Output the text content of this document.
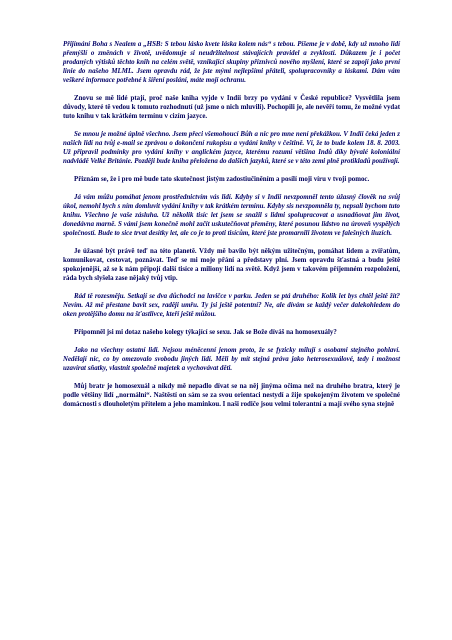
Přijímání Boha s Nealem a „HSB: S tebou lásko kvete láska kolem nás“ s tebou. Píšeme je v době, kdy už mnoho lidí přemýšlí o změnách v životě, uvědomuje si neudržitelnost stávajících pravidel a zvyklostí. Důkazem je i počet prodaných výtisků těchto knih na celém světě, vznikající skupiny příznivců nového myšlení, které se zapojí jako první linie do našeho MLML. Jsem opravdu rád, že jste mými nejlepšími přáteli, spolupracovníky a láskami. Dám vám veškeré informace potřebné k šíření poslání, máte mojí ochranu.

Znovu se mě lidé ptají, proč naše kniha vyjde v Indii brzy po vydání v České republice? Vysvětlila jsem důvody, které tě vedou k tomuto rozhodnutí (už jsme o nich mluvili). Pochopili je, ale nevěří tomu, že možné vydat tuto knihu v tak krátkém termínu v cizím jazyce.

Se mnou je možné úplně všechno. Jsem přeci všemohoucí Bůh a nic pro mne není překážkou. V Indii čeká jeden z našich lidí na tvůj e-mail se zprávou o dokončení rukopisu a vydání knihy v češtině. Ví, že to bude kolem 18. 8. 2003. Už připravil podmínky pro vydání knihy v anglickém jazyce, kterému rozumí většina Indů díky bývalé koloniální nadvládě Velké Británie. Později bude kniha přeložena do dalších jazyků, které se v této zemi plně protikladů používají.

Přiznám se, že i pro mě bude tato skutečnost jistým zadostiučiněním a posílí moji víru v tvoji pomoc.

Já vám můžu pomáhat jenom prostřednictvím vás lidí. Kdyby si v Indii nevzpomněl tento úžasný člověk na svůj úkol, nemohl bych s ním domluvit vydání knihy v tak krátkém termínu. Kdyby sis nevzpomněla ty, nepsali bychom tuto knihu. Všechno je vaše zásluha. Už několik tisíc let jsem se snažil s lidmi spolupracovat a usnadňovat jim život, donedávna marně. S vámi jsem konečně mohl začít uskutečňovat přeměny, které posunou lidstvo na úroveň vyspělých společností. Bude to sice trvat desítky let, ale co je to proti tisícům, které jste promarnili životem ve falešných iluzích.

Je úžasné být právě teď na této planetě. Vždy mě bavilo být někým užitečným, pomáhat lidem a zvířatům, komunikovat, cestovat, poznávat. Teď se mi moje přání a představy plní. Jsem opravdu šťastná a budu ještě spokojenější, až se k nám připojí další tisíce a miliony lidí na světě. Když jsem v takovém příjemném rozpoložení, ráda bych slyšela zase nějaký tvůj vtip.

Rád tě rozesměju. Setkají se dva důchodci na lavičce v parku. Jeden se ptá druhého: Kolik let bys chtěl ještě žít? Nevím. Až mě přestane bavit sex, raději umřu. Ty jsi ještě potentní? Ne, ale dívám se každý večer dalekohledem do oken protějšího domu na šťastlivce, kteří ještě můžou.

Připomněl jsi mi dotaz našeho kolegy týkající se sexu. Jak se Bože díváš na homosexuály?

Jako na všechny ostatní lidi. Nejsou méněcenní jenom proto, že se fyzicky milují s osobami stejného pohlaví. Nedělají nic, co by omezovalo svobodu jiných lidí. Měli by mít stejná práva jako heterosexuálové, tedy i možnost uzavírat sňatky, vlastnit společně majetek a vychovávat děti.

Můj bratr je homosexuál a nikdy mě nepadlo dívat se na něj jinýma očima než na druhého bratra, který je podle většiny lidí „normální“. Naštěstí on sám se za svou orientaci nestydí a žije spokojeným životem ve společné domácnosti s dlouholetým přítelem a jeho maminkou. I naši rodiče jsou velmi tolerantní a mají svého syna stejně
